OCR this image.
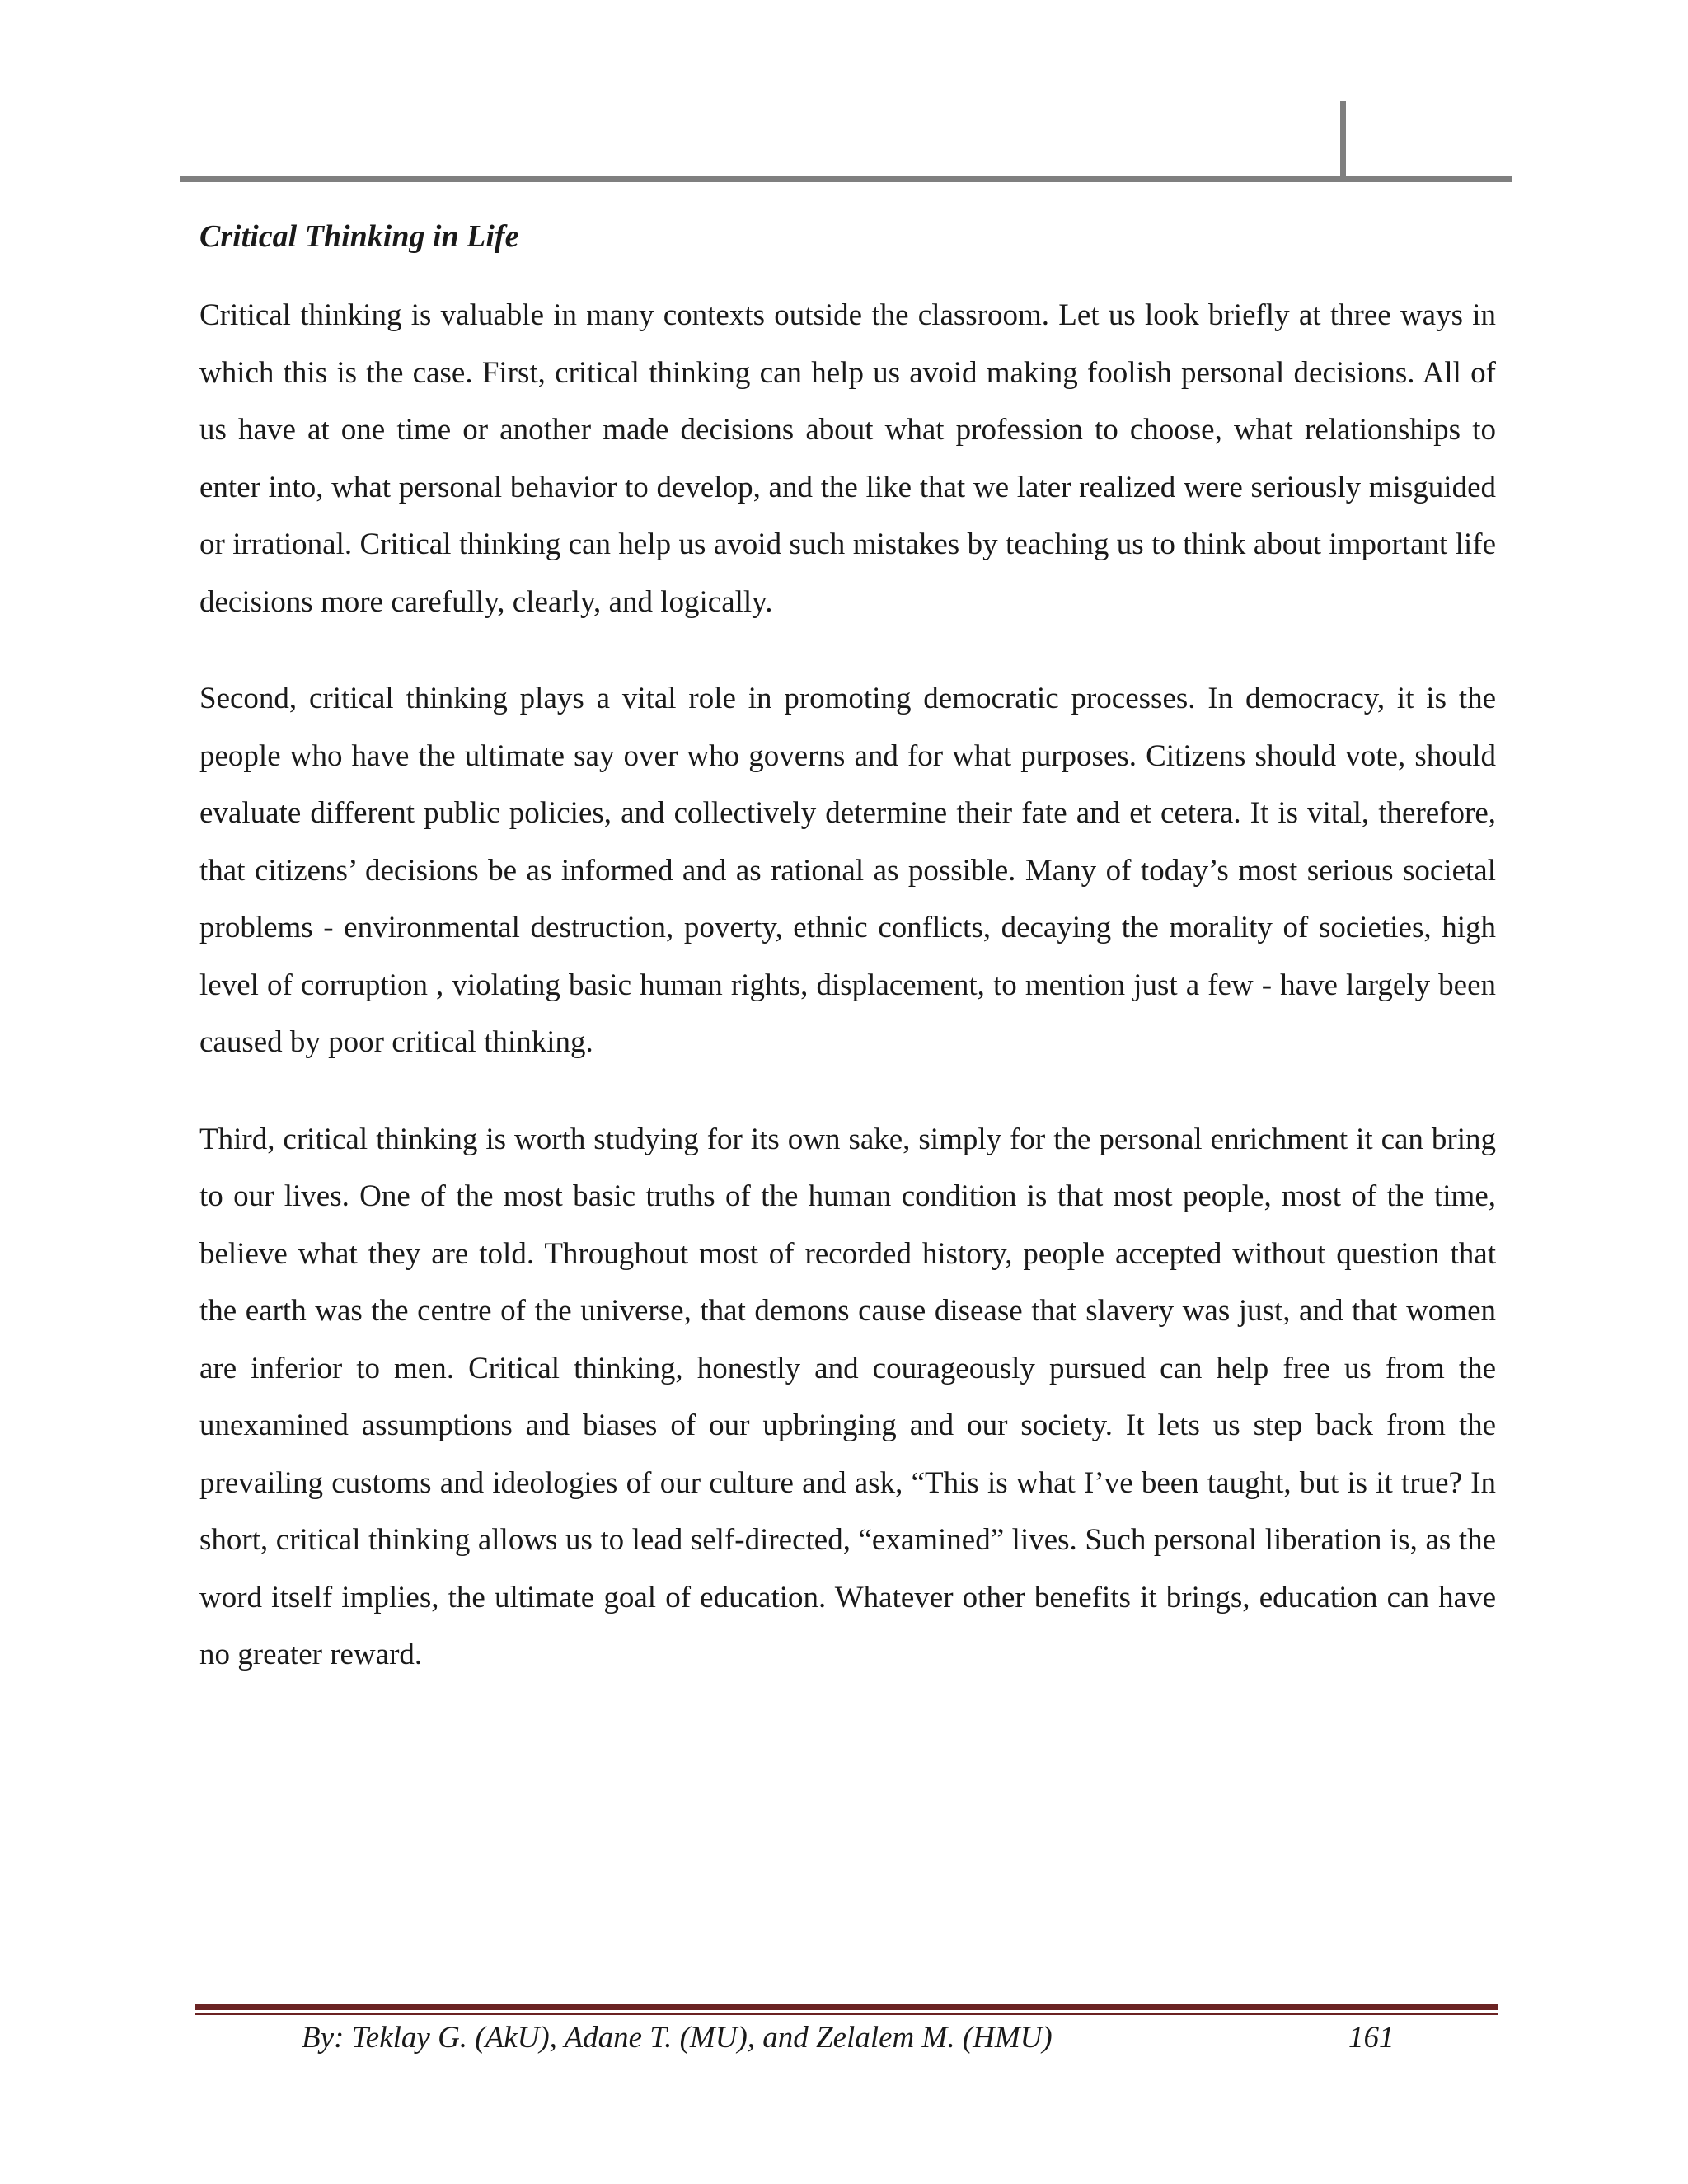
Critical Thinking in Life

Critical thinking is valuable in many contexts outside the classroom. Let us look briefly at three ways in which this is the case. First, critical thinking can help us avoid making foolish personal decisions. All of us have at one time or another made decisions about what profession to choose, what relationships to enter into, what personal behavior to develop, and the like that we later realized were seriously misguided or irrational. Critical thinking can help us avoid such mistakes by teaching us to think about important life decisions more carefully, clearly, and logically.

Second, critical thinking plays a vital role in promoting democratic processes. In democracy, it is the people who have the ultimate say over who governs and for what purposes. Citizens should vote, should evaluate different public policies, and collectively determine their fate and et cetera. It is vital, therefore, that citizens’ decisions be as informed and as rational as possible. Many of today’s most serious societal problems - environmental destruction, poverty, ethnic conflicts, decaying the morality of societies, high level of corruption , violating basic human rights, displacement, to mention just a few - have largely been caused by poor critical thinking.

Third, critical thinking is worth studying for its own sake, simply for the personal enrichment it can bring to our lives. One of the most basic truths of the human condition is that most people, most of the time, believe what they are told. Throughout most of recorded history, people accepted without question that the earth was the centre of the universe, that demons cause disease that slavery was just, and that women are inferior to men. Critical thinking, honestly and courageously pursued can help free us from the unexamined assumptions and biases of our upbringing and our society. It lets us step back from the prevailing customs and ideologies of our culture and ask, “This is what I’ve been taught, but is it true? In short, critical thinking allows us to lead self-directed, “examined” lives. Such personal liberation is, as the word itself implies, the ultimate goal of education. Whatever other benefits it brings, education can have no greater reward.

By: Teklay G. (AkU), Adane T. (MU), and Zelalem M. (HMU)	161
